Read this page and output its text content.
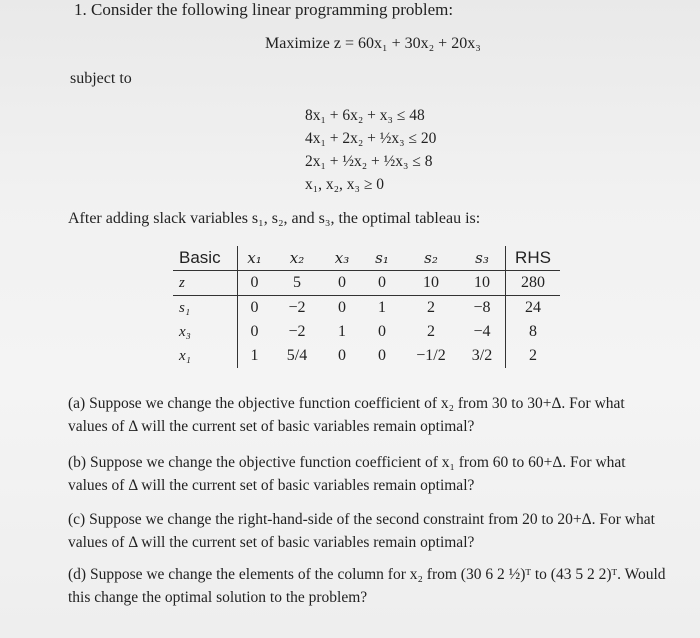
1. Consider the following linear programming problem:
Maximize z = 60x₁ + 30x₂ + 20x₃
subject to
8x₁ + 6x₂ + x₃ ≤ 48
4x₁ + 2x₂ + ½x₃ ≤ 20
2x₁ + ½x₂ + ½x₃ ≤ 8
x₁, x₂, x₃ ≥ 0
After adding slack variables s₁, s₂, and s₃, the optimal tableau is:
Basic	x₁	x₂	x₃	s₁	s₂	s₃	RHS
z	0	5	0	0	10	10	280
s₁	0	−2	0	1	2	−8	24
x₃	0	−2	1	0	2	−4	8
x₁	1	5/4	0	0	−1/2	3/2	2
(a) Suppose we change the objective function coefficient of x₂ from 30 to 30+Δ. For what values of Δ will the current set of basic variables remain optimal?
(b) Suppose we change the objective function coefficient of x₁ from 60 to 60+Δ. For what values of Δ will the current set of basic variables remain optimal?
(c) Suppose we change the right-hand-side of the second constraint from 20 to 20+Δ. For what values of Δ will the current set of basic variables remain optimal?
(d) Suppose we change the elements of the column for x₂ from (30 6 2 ½)ᵀ to (43 5 2 2)ᵀ. Would this change the optimal solution to the problem?
